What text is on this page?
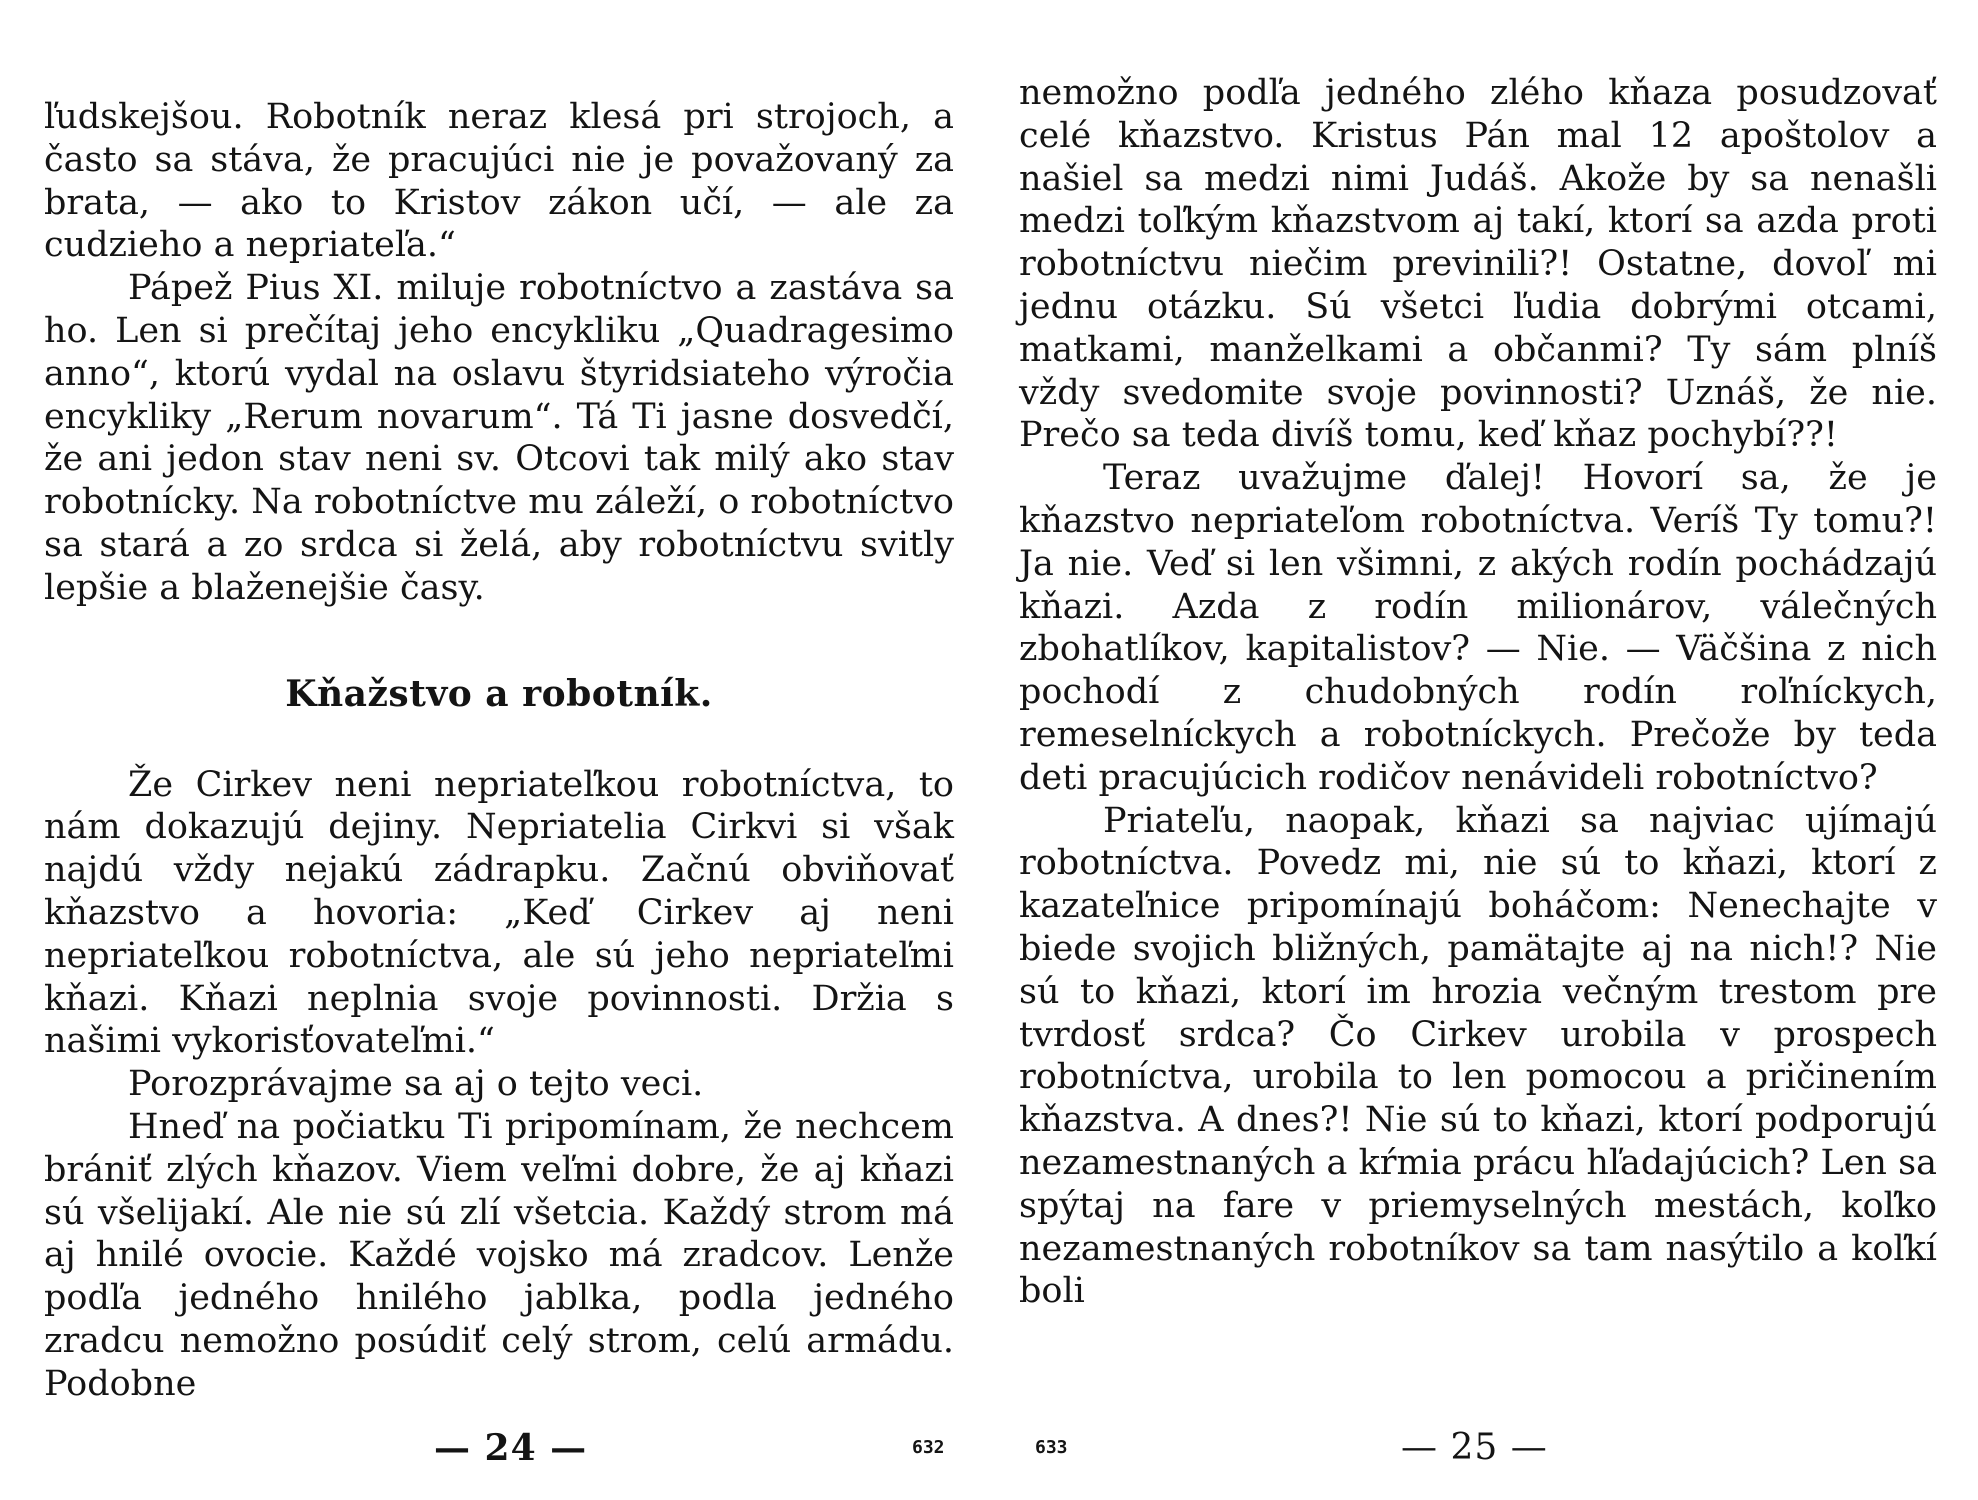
ľudskejšou. Robotník neraz klesá pri strojoch, a často sa stáva, že pracujúci nie je považovaný za brata, — ako to Kristov zákon učí, — ale za cudzieho a nepriateľa.“

Pápež Pius XI. miluje robotníctvo a zastáva sa ho. Len si prečítaj jeho encykliku „Quadragesimo anno“, ktorú vydal na oslavu štyridsiateho výročia encykliky „Rerum novarum“. Tá Ti jasne dosvedčí, že ani jedon stav neni sv. Otcovi tak milý ako stav robotnícky. Na robotníctve mu záleží, o robotníctvo sa stará a zo srdca si želá, aby robotníctvu svitly lepšie a blaženejšie časy.

Kňažstvo a robotník.

Že Cirkev neni nepriateľkou robotníctva, to nám dokazujú dejiny. Nepriatelia Cirkvi si však najdú vždy nejakú zádrapku. Začnú obviňovať kňazstvo a hovoria: „Keď Cirkev aj neni nepriateľkou robotníctva, ale sú jeho nepriateľmi kňazi. Kňazi neplnia svoje povinnosti. Držia s našimi vykorisťovateľmi.“

Porozprávajme sa aj o tejto veci.

Hneď na počiatku Ti pripomínam, že nechcem brániť zlých kňazov. Viem veľmi dobre, že aj kňazi sú všelijakí. Ale nie sú zlí všetcia. Každý strom má aj hnilé ovocie. Každé vojsko má zradcov. Lenže podľa jedného hnilého jablka, podla jedného zradcu nemožno posúdiť celý strom, celú armádu. Podobne

— 24 —	632

nemožno podľa jedného zlého kňaza posudzovať celé kňazstvo. Kristus Pán mal 12 apoštolov a našiel sa medzi nimi Judáš. Akože by sa nenašli medzi toľkým kňazstvom aj takí, ktorí sa azda proti robotníctvu niečim previnili?! Ostatne, dovoľ mi jednu otázku. Sú všetci ľudia dobrými otcami, matkami, manželkami a občanmi? Ty sám plníš vždy svedomite svoje povinnosti? Uznáš, že nie. Prečo sa teda divíš tomu, keď kňaz pochybí??!

Teraz uvažujme ďalej! Hovorí sa, že je kňazstvo nepriateľom robotníctva. Veríš Ty tomu?! Ja nie. Veď si len všimni, z akých rodín pochádzajú kňazi. Azda z rodín milionárov, válečných zbohatlíkov, kapitalistov? — Nie. — Väčšina z nich pochodí z chudobných rodín roľníckych, remeselníckych a robotníckych. Prečože by teda deti pracujúcich rodičov nenávideli robotníctvo?

Priateľu, naopak, kňazi sa najviac ujímajú robotníctva. Povedz mi, nie sú to kňazi, ktorí z kazateľnice pripomínajú boháčom: Nenechajte v biede svojich bližných, pamätajte aj na nich!? Nie sú to kňazi, ktorí im hrozia večným trestom pre tvrdosť srdca? Čo Cirkev urobila v prospech robotníctva, urobila to len pomocou a pričinením kňazstva. A dnes?! Nie sú to kňazi, ktorí podporujú nezamestnaných a kŕmia prácu hľadajúcich? Len sa spýtaj na fare v priemyselných mestách, koľko nezamestnaných robotníkov sa tam nasýtilo a koľkí boli

633	— 25 —
